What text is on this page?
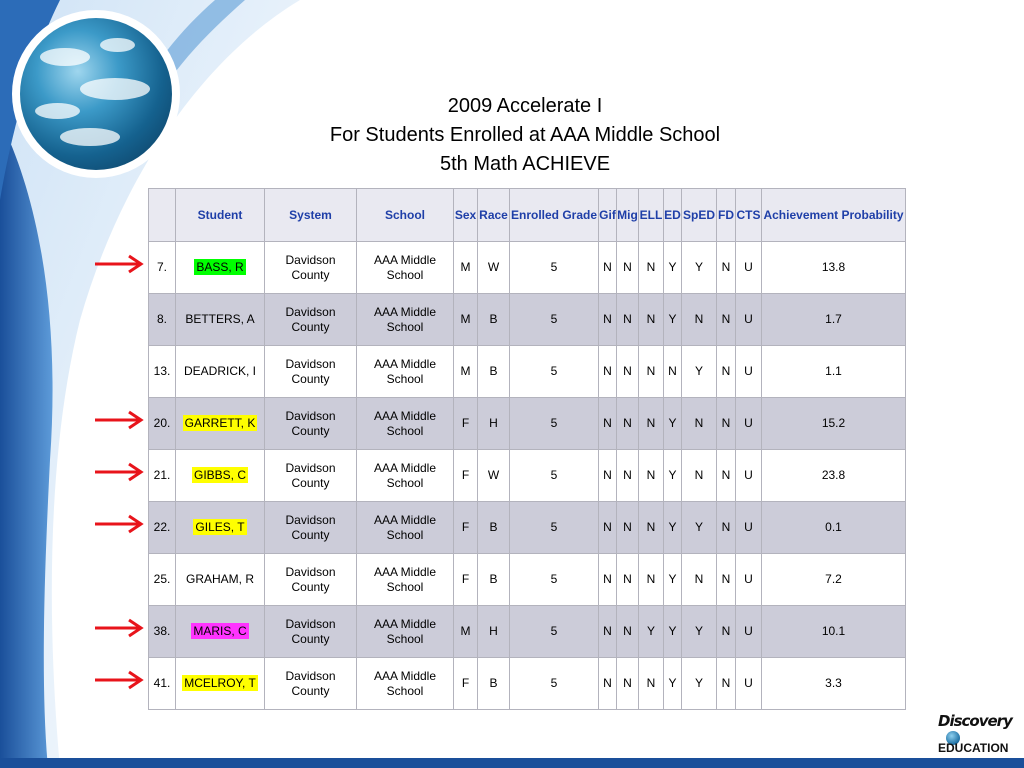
2009 Accelerate I
For Students Enrolled at AAA Middle School
5th Math ACHIEVE
	Student	System	School	Sex	Race	Enrolled Grade	Gif	Mig	ELL	ED	SpED	FD	CTS	Achievement Probability
7.	BASS, R	Davidson County	AAA Middle School	M	W	5	N	N	N	Y	Y	N	U	13.8
8.	BETTERS, A	Davidson County	AAA Middle School	M	B	5	N	N	N	Y	N	N	U	1.7
13.	DEADRICK, I	Davidson County	AAA Middle School	M	B	5	N	N	N	N	Y	N	U	1.1
20.	GARRETT, K	Davidson County	AAA Middle School	F	H	5	N	N	N	Y	N	N	U	15.2
21.	GIBBS, C	Davidson County	AAA Middle School	F	W	5	N	N	N	Y	N	N	U	23.8
22.	GILES, T	Davidson County	AAA Middle School	F	B	5	N	N	N	Y	Y	N	U	0.1
25.	GRAHAM, R	Davidson County	AAA Middle School	F	B	5	N	N	N	Y	N	N	U	7.2
38.	MARIS, C	Davidson County	AAA Middle School	M	H	5	N	N	Y	Y	Y	N	U	10.1
41.	MCELROY, T	Davidson County	AAA Middle School	F	B	5	N	N	N	Y	Y	N	U	3.3
Discovery
EDUCATION
